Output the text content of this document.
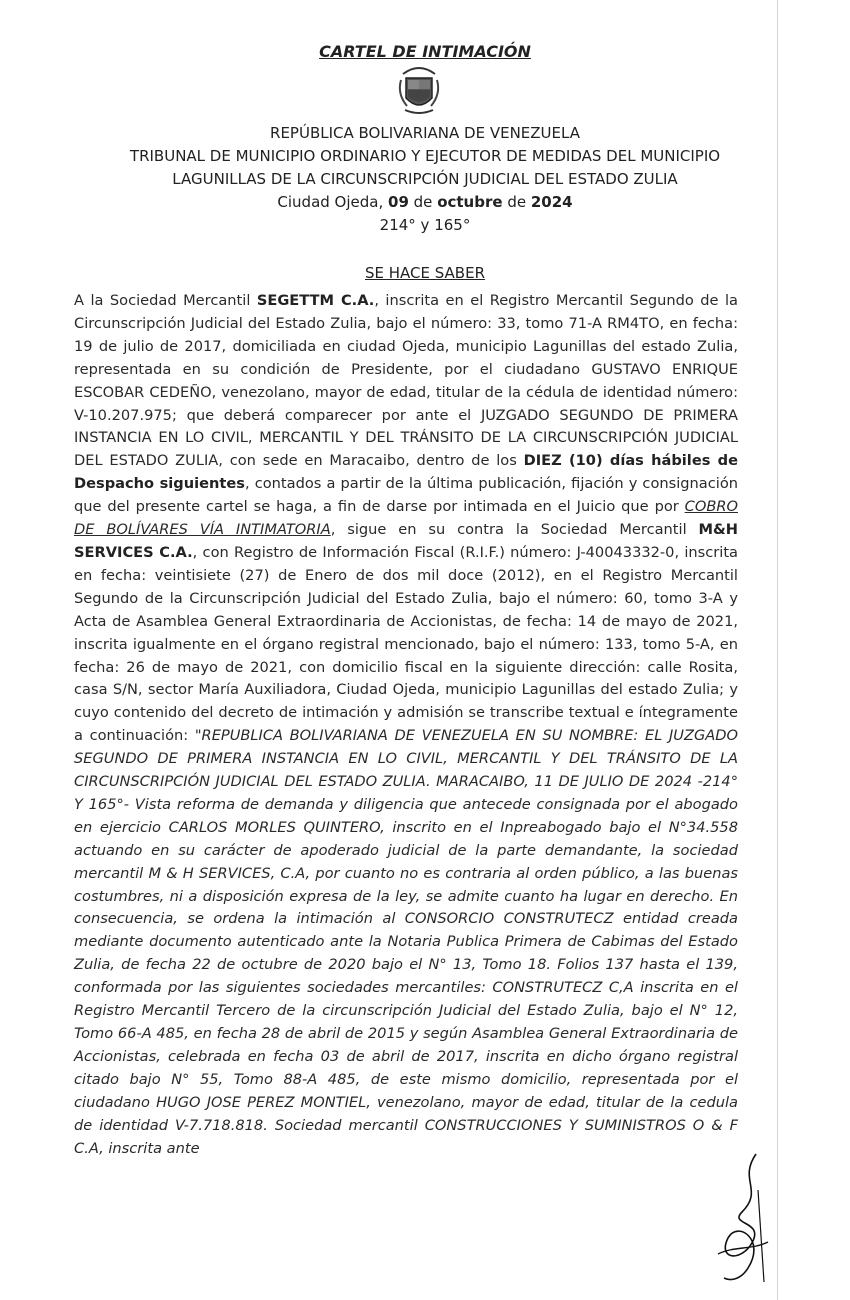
CARTEL DE INTIMACIÓN
REPÚBLICA BOLIVARIANA DE VENEZUELA
TRIBUNAL DE MUNICIPIO ORDINARIO Y EJECUTOR DE MEDIDAS DEL MUNICIPIO
LAGUNILLAS DE LA CIRCUNSCRIPCIÓN JUDICIAL DEL ESTADO ZULIA
Ciudad Ojeda, 09 de octubre de 2024
214° y 165°
SE HACE SABER
A la Sociedad Mercantil SEGETTM C.A., inscrita en el Registro Mercantil Segundo de la Circunscripción Judicial del Estado Zulia, bajo el número: 33, tomo 71-A RM4TO, en fecha: 19 de julio de 2017, domiciliada en ciudad Ojeda, municipio Lagunillas del estado Zulia, representada en su condición de Presidente, por el ciudadano GUSTAVO ENRIQUE ESCOBAR CEDEÑO, venezolano, mayor de edad, titular de la cédula de identidad número: V-10.207.975; que deberá comparecer por ante el JUZGADO SEGUNDO DE PRIMERA INSTANCIA EN LO CIVIL, MERCANTIL Y DEL TRÁNSITO DE LA CIRCUNSCRIPCIÓN JUDICIAL DEL ESTADO ZULIA, con sede en Maracaibo, dentro de los DIEZ (10) días hábiles de Despacho siguientes, contados a partir de la última publicación, fijación y consignación que del presente cartel se haga, a fin de darse por intimada en el Juicio que por COBRO DE BOLÍVARES VÍA INTIMATORIA, sigue en su contra la Sociedad Mercantil M&H SERVICES C.A., con Registro de Información Fiscal (R.I.F.) número: J-40043332-0, inscrita en fecha: veintisiete (27) de Enero de dos mil doce (2012), en el Registro Mercantil Segundo de la Circunscripción Judicial del Estado Zulia, bajo el número: 60, tomo 3-A y Acta de Asamblea General Extraordinaria de Accionistas, de fecha: 14 de mayo de 2021, inscrita igualmente en el órgano registral mencionado, bajo el número: 133, tomo 5-A, en fecha: 26 de mayo de 2021, con domicilio fiscal en la siguiente dirección: calle Rosita, casa S/N, sector María Auxiliadora, Ciudad Ojeda, municipio Lagunillas del estado Zulia; y cuyo contenido del decreto de intimación y admisión se transcribe textual e íntegramente a continuación: "REPUBLICA BOLIVARIANA DE VENEZUELA EN SU NOMBRE: EL JUZGADO SEGUNDO DE PRIMERA INSTANCIA EN LO CIVIL, MERCANTIL Y DEL TRÁNSITO DE LA CIRCUNSCRIPCIÓN JUDICIAL DEL ESTADO ZULIA. MARACAIBO, 11 DE JULIO DE 2024 -214° Y 165°- Vista reforma de demanda y diligencia que antecede consignada por el abogado en ejercicio CARLOS MORLES QUINTERO, inscrito en el Inpreabogado bajo el N°34.558 actuando en su carácter de apoderado judicial de la parte demandante, la sociedad mercantil M & H SERVICES, C.A, por cuanto no es contraria al orden público, a las buenas costumbres, ni a disposición expresa de la ley, se admite cuanto ha lugar en derecho. En consecuencia, se ordena la intimación al CONSORCIO CONSTRUTECZ entidad creada mediante documento autenticado ante la Notaria Publica Primera de Cabimas del Estado Zulia, de fecha 22 de octubre de 2020 bajo el N° 13, Tomo 18. Folios 137 hasta el 139, conformada por las siguientes sociedades mercantiles: CONSTRUTECZ C,A inscrita en el Registro Mercantil Tercero de la circunscripción Judicial del Estado Zulia, bajo el N° 12, Tomo 66-A 485, en fecha 28 de abril de 2015 y según Asamblea General Extraordinaria de Accionistas, celebrada en fecha 03 de abril de 2017, inscrita en dicho órgano registral citado bajo N° 55, Tomo 88-A 485, de este mismo domicilio, representada por el ciudadano HUGO JOSE PEREZ MONTIEL, venezolano, mayor de edad, titular de la cedula de identidad V-7.718.818. Sociedad mercantil CONSTRUCCIONES Y SUMINISTROS O & F C.A, inscrita ante
